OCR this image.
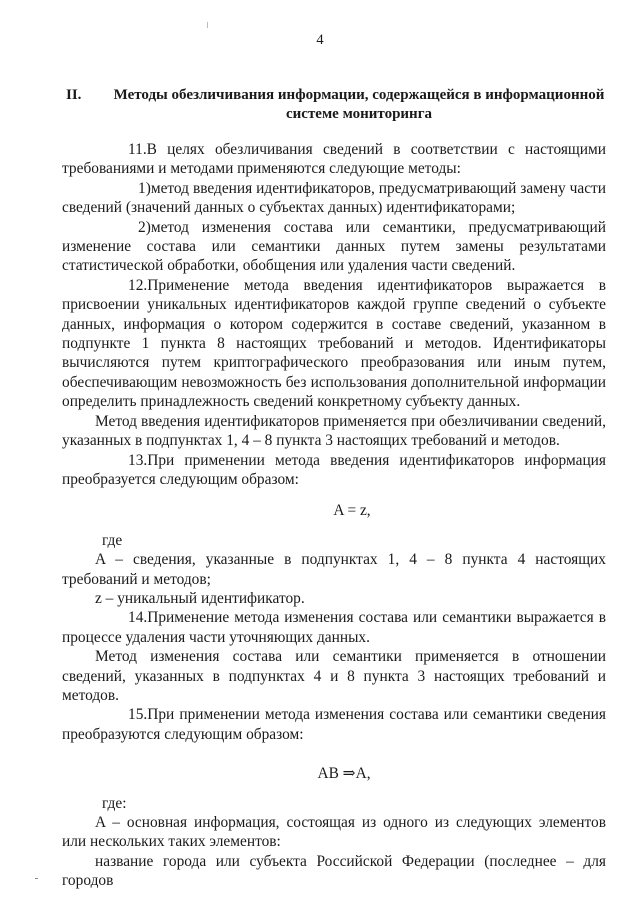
4
II.	Методы обезличивания информации, содержащейся в информационной системе мониторинга

11.В целях обезличивания сведений в соответствии с настоящими требованиями и методами применяются следующие методы:

1)метод введения идентификаторов, предусматривающий замену части сведений (значений данных о субъектах данных) идентификаторами;

2)метод изменения состава или семантики, предусматривающий изменение состава или семантики данных путем замены результатами статистической обработки, обобщения или удаления части сведений.

12.Применение метода введения идентификаторов выражается в присвоении уникальных идентификаторов каждой группе сведений о субъекте данных, информация о котором содержится в составе сведений, указанном в подпункте 1 пункта 8 настоящих требований и методов. Идентификаторы вычисляются путем криптографического преобразования или иным путем, обеспечивающим невозможность без использования дополнительной информации определить принадлежность сведений конкретному субъекту данных.

Метод введения идентификаторов применяется при обезличивании сведений, указанных в подпунктах 1, 4 – 8 пункта 3 настоящих требований и методов.

13.При применении метода введения идентификаторов информация преобразуется следующим образом:

A = z,

где

A – сведения, указанные в подпунктах 1, 4 – 8 пункта 4 настоящих требований и методов;

z – уникальный идентификатор.

14.Применение метода изменения состава или семантики выражается в процессе удаления части уточняющих данных.

Метод изменения состава или семантики применяется в отношении сведений, указанных в подпунктах 4 и 8 пункта 3 настоящих требований и методов.

15.При применении метода изменения состава или семантики сведения преобразуются следующим образом:

AB ⇒A,

где:

A – основная информация, состоящая из одного из следующих элементов или нескольких таких элементов:

название города или субъекта Российской Федерации (последнее – для городов
